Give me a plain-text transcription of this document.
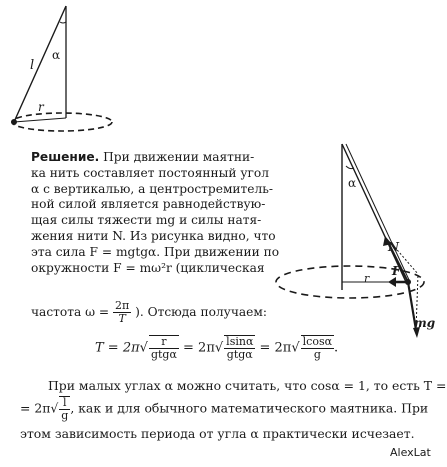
l
α
r
α
N
F
r
mg
Решение. При движении маятни-
ка нить составляет постоянный угол
α с вертикалью, а центростремитель-
ной силой является равнодействую-
щая силы тяжести mg и силы натя-
жения нити N. Из рисунка видно, что
эта сила F = mgtgα. При движении по
окружности F = mω²r (циклическая
частота $\omega = \frac{2\pi}{T}$ ). Отсюда получаем:
$T = 2\pi√ \frac{r}{\text{gtgα}} = 2\pi√ \frac{lsin\alpha}{\text{gtgα}} = 2\pi√ \frac{lcos\alpha}{g}$ .
При малых углах α можно считать, что cosα = 1, то есть T =
= $2\pi√ \frac{l}{g}$ , как и для обычного математического маятника. При
этом зависимость периода от угла α практически исчезает.
AlexLat
